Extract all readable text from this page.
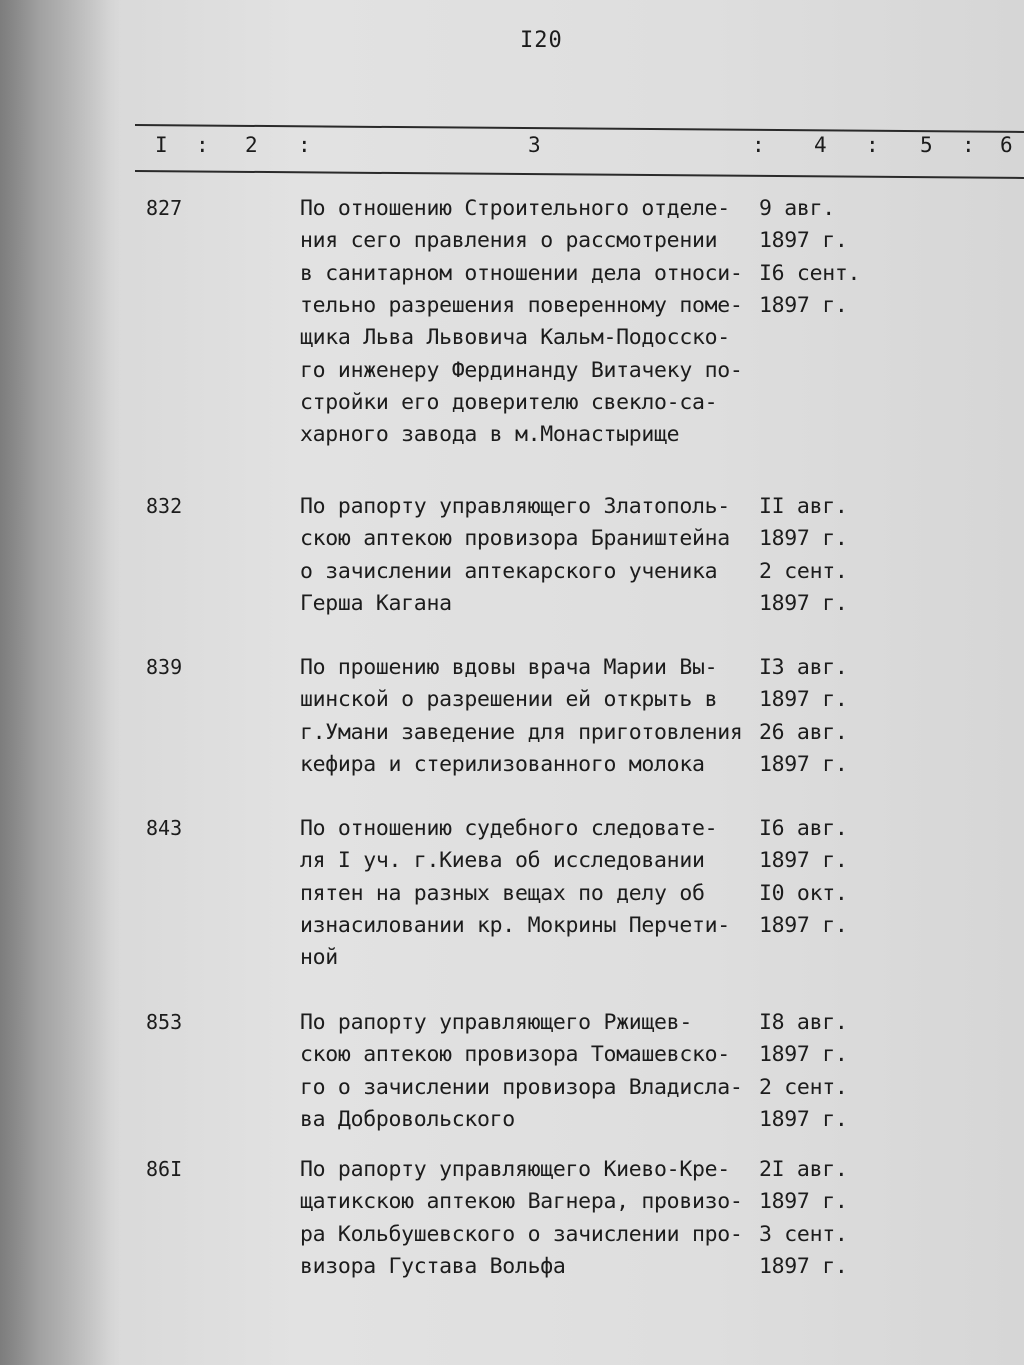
I20
I : 2 :	3	: 4 : 5 : 6
827	По отношению Строительного отделе- 9 авг.
ния сего правления о рассмотрении 1897 г.
в санитарном отношении дела относи- I6 сент.
тельно разрешения поверенному поме- 1897 г.
щика Льва Львовича Кальм-Подосско-
го инженеру Фердинанду Витачеку по-
стройки его доверителю свекло-са-
харного завода в м.Монастырище
832	По рапорту управляющего Златополь- II авг.
скою аптекою провизора Браништейна 1897 г.
о зачислении аптекарского ученика 2 сент.
Герша Кагана	1897 г.
839	По прошению вдовы врача Марии Вы- I3 авг.
шинской о разрешении ей открыть в 1897 г.
г.Умани заведение для приготовления 26 авг.
кефира и стерилизованного молока	1897 г.
843	По отношению судебного следовате- I6 авг.
ля I уч. г.Киева об исследовании	1897 г.
пятен на разных вещах по делу об	I0 окт.
изнасиловании кр. Мокрины Перчети- 1897 г.
ной
853	По рапорту управляющего Ржищев-	I8 авг.
скою аптекою провизора Томашевско- 1897 г.
го о зачислении провизора Владисла- 2 сент.
ва Добровольского	1897 г.
86I	По рапорту управляющего Киево-Кре- 2I авг.
щатикскою аптекою Вагнера, провизо- 1897 г.
ра Кольбушевского о зачислении про- 3 сент.
визора Густава Вольфа	1897 г.
